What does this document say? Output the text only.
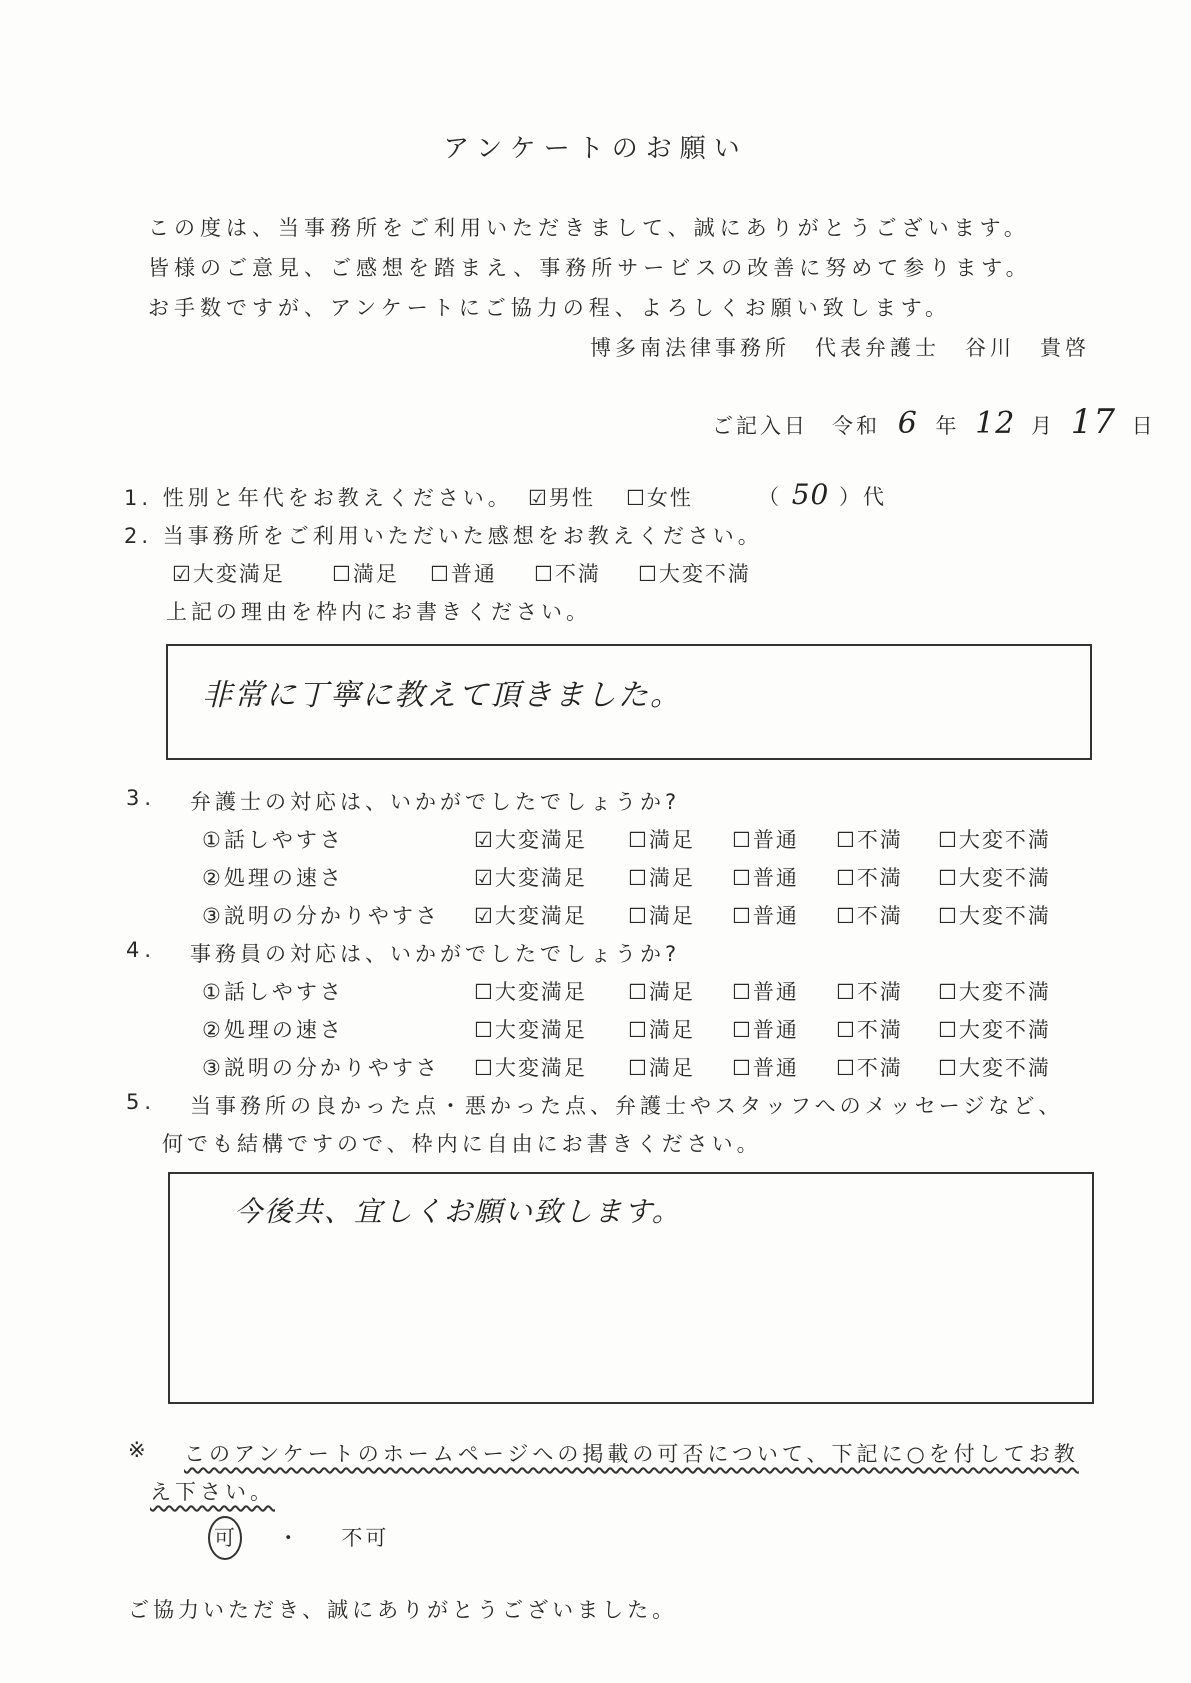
アンケートのお願い
この度は、当事務所をご利用いただきまして、誠にありがとうございます。
皆様のご意見、ご感想を踏まえ、事務所サービスの改善に努めて参ります。
お手数ですが、アンケートにご協力の程、よろしくお願い致します。
博多南法律事務所　代表弁護士　谷川　貴啓
ご記入日　令和 6 年 12 月 17 日
1. 性別と年代をお教えください。 ☑男性 ☐女性	（ 50 ）代
2. 当事務所をご利用いただいた感想をお教えください。
☑大変満足 ☐満足 ☐普通 ☐不満 ☐大変不満
上記の理由を枠内にお書きください。
非常に丁寧に教えて頂きました。
3. 弁護士の対応は、いかがでしたでしょうか?
①話しやすさ	☑大変満足 ☐満足 ☐普通 ☐不満 ☐大変不満
②処理の速さ	☑大変満足 ☐満足 ☐普通 ☐不満 ☐大変不満
③説明の分かりやすさ ☑大変満足 ☐満足 ☐普通 ☐不満 ☐大変不満
4. 事務員の対応は、いかがでしたでしょうか?
①話しやすさ	☐大変満足 ☐満足 ☐普通 ☐不満 ☐大変不満
②処理の速さ	☐大変満足 ☐満足 ☐普通 ☐不満 ☐大変不満
③説明の分かりやすさ ☐大変満足 ☐満足 ☐普通 ☐不満 ☐大変不満
5. 当事務所の良かった点・悪かった点、弁護士やスタッフへのメッセージなど、
何でも結構ですので、枠内に自由にお書きください。
今後共、宜しくお願い致します。
※ このアンケートのホームページへの掲載の可否について、下記に○を付してお教
え下さい。
可 ・ 不可
ご協力いただき、誠にありがとうございました。
